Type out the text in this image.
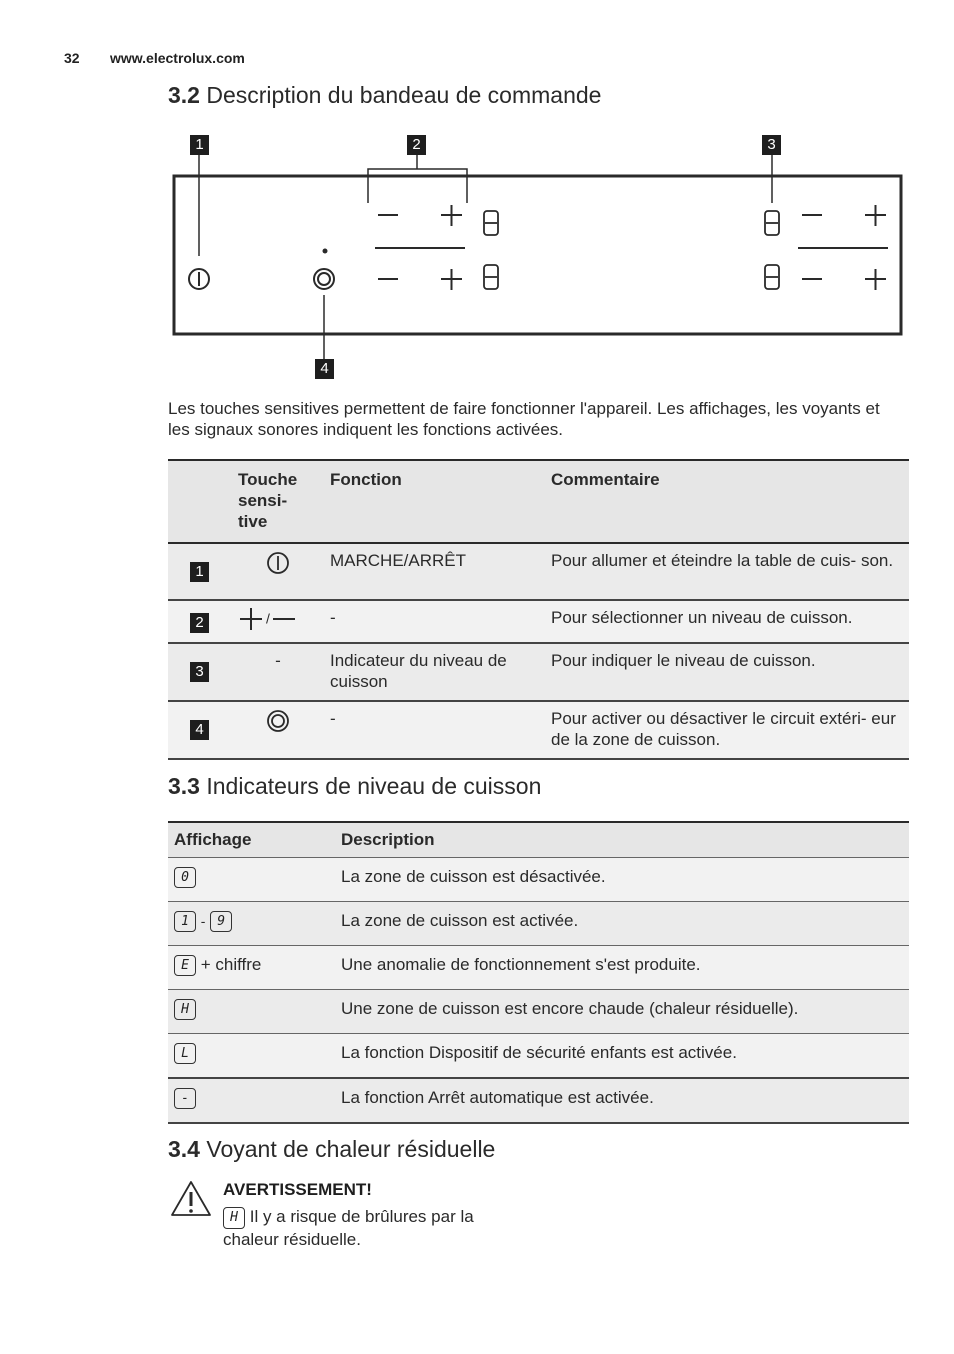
32 www.electrolux.com
3.2 Description du bandeau de commande
1	2	3
4
Les touches sensitives permettent de faire fonctionner l'appareil. Les affichages, les voyants et les signaux sonores indiquent les fonctions activées.
	Touche sensi- tive	Fonction	Commentaire
1		MARCHE/ARRÊT	Pour allumer et éteindre la table de cuis- son.
2	/	-	Pour sélectionner un niveau de cuisson.
3	-	Indicateur du niveau de cuisson	Pour indiquer le niveau de cuisson.
4		-	Pour activer ou désactiver le circuit extéri- eur de la zone de cuisson.
3.3 Indicateurs de niveau de cuisson
Affichage	Description
0	La zone de cuisson est désactivée.
1 - 9	La zone de cuisson est activée.
E + chiffre	Une anomalie de fonctionnement s'est produite.
H	Une zone de cuisson est encore chaude (chaleur résiduelle).
L	La fonction Dispositif de sécurité enfants est activée.
-	La fonction Arrêt automatique est activée.
3.4 Voyant de chaleur résiduelle
AVERTISSEMENT!
H Il y a risque de brûlures par la chaleur résiduelle.
